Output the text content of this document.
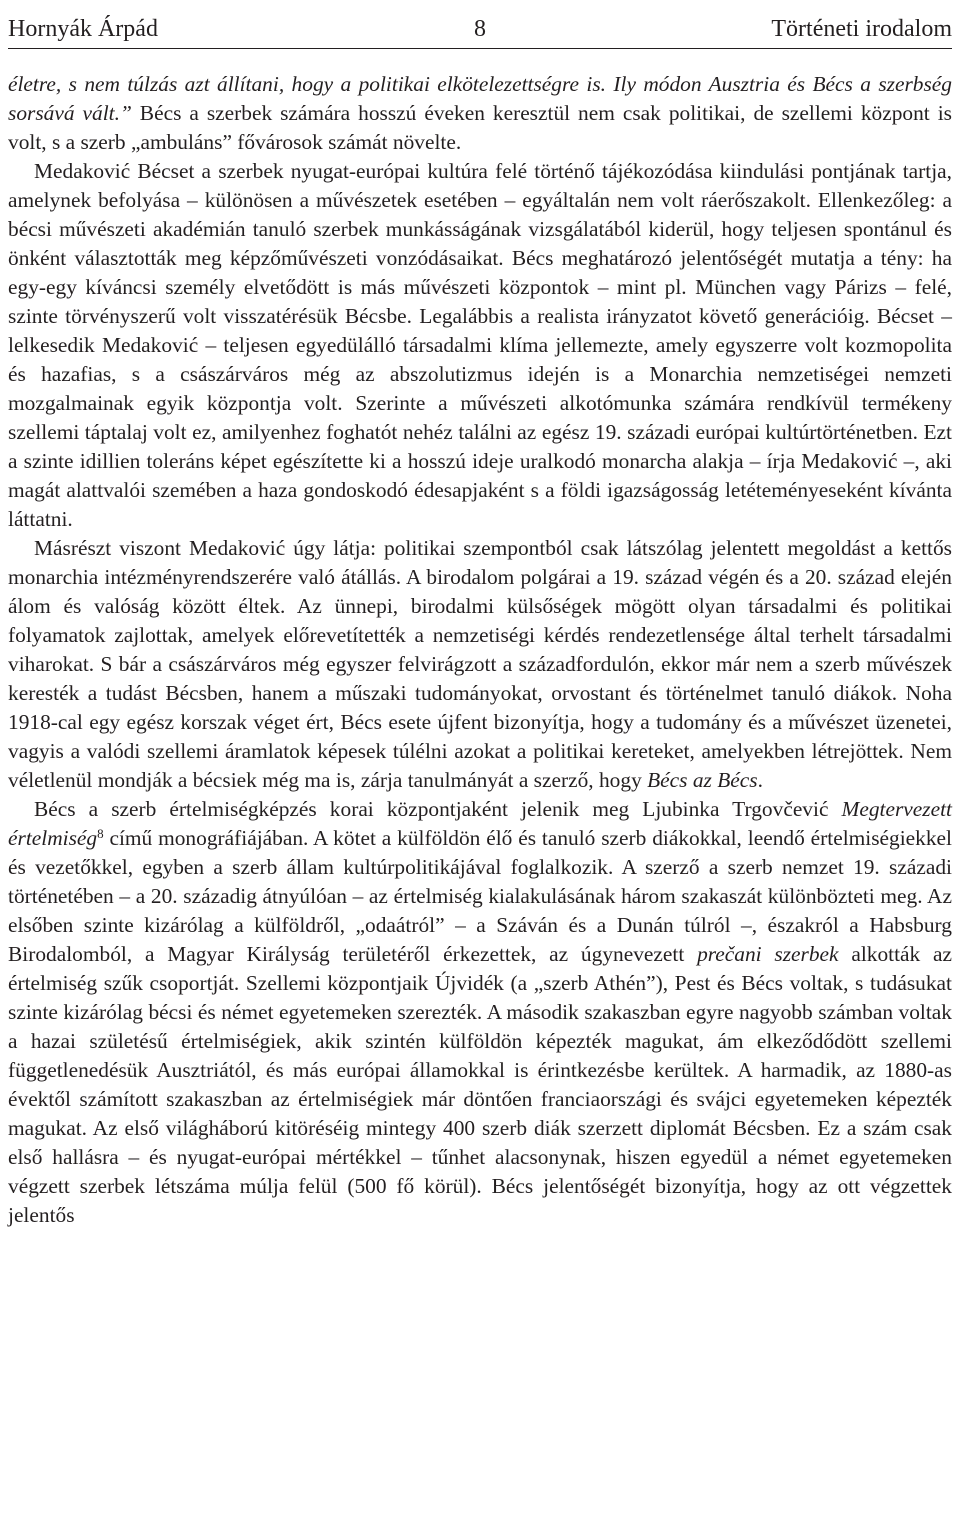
Hornyák Árpád	8	Történeti irodalom

életre, s nem túlzás azt állítani, hogy a politikai elkötelezettségre is. Ily módon Ausztria és Bécs a szerbség sorsává vált.” Bécs a szerbek számára hosszú éveken keresztül nem csak politikai, de szellemi központ is volt, s a szerb „ambuláns” fővárosok számát növelte.

Medaković Bécset a szerbek nyugat-európai kultúra felé történő tájékozódása kiindulási pontjának tartja, amelynek befolyása – különösen a művészetek esetében – egyáltalán nem volt ráerőszakolt. Ellenkezőleg: a bécsi művészeti akadémián tanuló szerbek munkásságának vizsgálatából kiderül, hogy teljesen spontánul és önként választották meg képzőművészeti vonzódásaikat. Bécs meghatározó jelentőségét mutatja a tény: ha egy-egy kíváncsi személy elvetődött is más művészeti központok – mint pl. München vagy Párizs – felé, szinte törvényszerű volt visszatérésük Bécsbe. Legalábbis a realista irányzatot követő generációig. Bécset – lelkesedik Medaković – teljesen egyedülálló társadalmi klíma jellemezte, amely egyszerre volt kozmopolita és hazafias, s a császárváros még az abszolutizmus idején is a Monarchia nemzetiségei nemzeti mozgalmainak egyik központja volt. Szerinte a művészeti alkotómunka számára rendkívül termékeny szellemi táptalaj volt ez, amilyenhez foghatót nehéz találni az egész 19. századi európai kultúrtörténetben. Ezt a szinte idillien toleráns képet egészítette ki a hosszú ideje uralkodó monarcha alakja – írja Medaković –, aki magát alattvalói szemében a haza gondoskodó édesapjaként s a földi igazságosság letéteményeseként kívánta láttatni.

Másrészt viszont Medaković úgy látja: politikai szempontból csak látszólag jelentett megoldást a kettős monarchia intézményrendszerére való átállás. A birodalom polgárai a 19. század végén és a 20. század elején álom és valóság között éltek. Az ünnepi, birodalmi külsőségek mögött olyan társadalmi és politikai folyamatok zajlottak, amelyek előrevetítették a nemzetiségi kérdés rendezetlensége által terhelt társadalmi viharokat. S bár a császárváros még egyszer felvirágzott a századfordulón, ekkor már nem a szerb művészek keresték a tudást Bécsben, hanem a műszaki tudományokat, orvostant és történelmet tanuló diákok. Noha 1918-cal egy egész korszak véget ért, Bécs esete újfent bizonyítja, hogy a tudomány és a művészet üzenetei, vagyis a valódi szellemi áramlatok képesek túlélni azokat a politikai kereteket, amelyekben létrejöttek. Nem véletlenül mondják a bécsiek még ma is, zárja tanulmányát a szerző, hogy Bécs az Bécs.

Bécs a szerb értelmiségképzés korai központjaként jelenik meg Ljubinka Trgovčević Megtervezett értelmiség$^8$ című monográfiájában. A kötet a külföldön élő és tanuló szerb diákokkal, leendő értelmiségiekkel és vezetőkkel, egyben a szerb állam kultúrpolitikájával foglalkozik. A szerző a szerb nemzet 19. századi történetében – a 20. századig átnyúlóan – az értelmiség kialakulásának három szakaszát különbözteti meg. Az elsőben szinte kizárólag a külföldről, „odaátról” – a Száván és a Dunán túlról –, északról a Habsburg Birodalomból, a Magyar Királyság területéről érkezettek, az úgynevezett prečani szerbek alkották az értelmiség szűk csoportját. Szellemi központjaik Újvidék (a „szerb Athén”), Pest és Bécs voltak, s tudásukat szinte kizárólag bécsi és német egyetemeken szerezték. A második szakaszban egyre nagyobb számban voltak a hazai születésű értelmiségiek, akik szintén külföldön képezték magukat, ám elkeződődött szellemi függetlenedésük Ausztriától, és más európai államokkal is érintkezésbe kerültek. A harmadik, az 1880-as évektől számított szakaszban az értelmiségiek már döntően franciaországi és svájci egyetemeken képezték magukat. Az első világháború kitöréséig mintegy 400 szerb diák szerzett diplomát Bécsben. Ez a szám csak első hallásra – és nyugat-európai mértékkel – tűnhet alacsonynak, hiszen egyedül a német egyetemeken végzett szerbek létszáma múlja felül (500 fő körül). Bécs jelentőségét bizonyítja, hogy az ott végzettek jelentős
